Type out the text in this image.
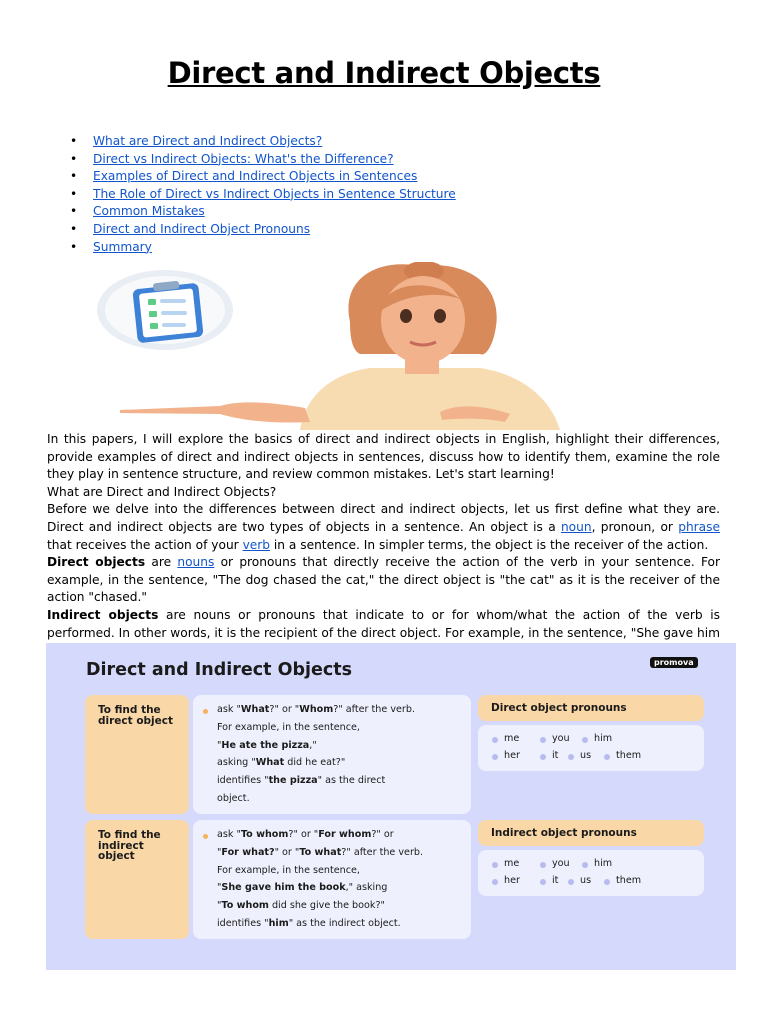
Direct and Indirect Objects
• What are Direct and Indirect Objects?
• Direct vs Indirect Objects: What's the Difference?
• Examples of Direct and Indirect Objects in Sentences
• The Role of Direct vs Indirect Objects in Sentence Structure
• Common Mistakes
• Direct and Indirect Object Pronouns
• Summary

In this papers, I will explore the basics of direct and indirect objects in English, highlight their differences, provide examples of direct and indirect objects in sentences, discuss how to identify them, examine the role they play in sentence structure, and review common mistakes. Let's start learning!

What are Direct and Indirect Objects?

Before we delve into the differences between direct and indirect objects, let us first define what they are. Direct and indirect objects are two types of objects in a sentence. An object is a noun, pronoun, or phrase that receives the action of your verb in a sentence. In simpler terms, the object is the receiver of the action.

Direct objects are nouns or pronouns that directly receive the action of the verb in your sentence. For example, in the sentence, "The dog chased the cat," the direct object is "the cat" as it is the receiver of the action "chased."

Indirect objects are nouns or pronouns that indicate to or for whom/what the action of the verb is performed. In other words, it is the recipient of the direct object. For example, in the sentence, "She gave him

Direct and Indirect Objects	promova
To find the direct object
ask "What?" or "Whom?" after the verb.
For example, in the sentence,
"He ate the pizza,"
asking "What did he eat?"
identifies "the pizza" as the direct
object.
Direct object pronouns
me	you	him
her	it	us	them
To find the indirect object
ask "To whom?" or "For whom?" or
"For what?" or "To what?" after the verb.
For example, in the sentence,
"She gave him the book," asking
"To whom did she give the book?"
identifies "him" as the indirect object.
Indirect object pronouns
me	you	him
her	it	us	them
